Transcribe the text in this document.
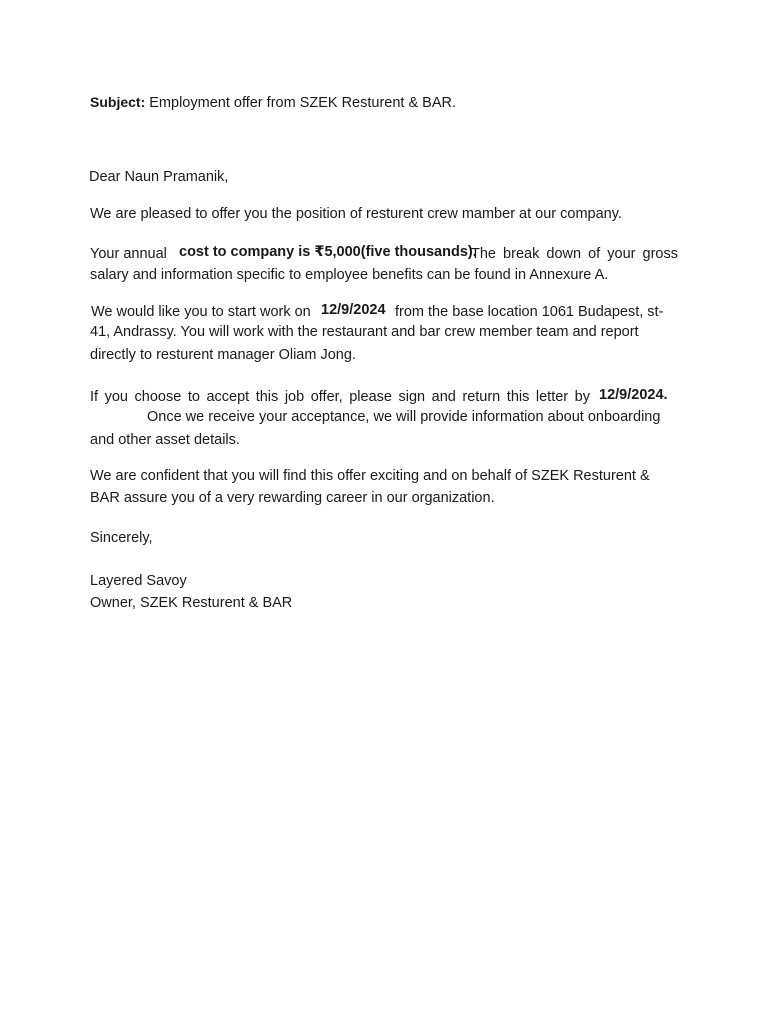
Subject: Employment offer from SZEK Resturent & BAR.

Dear Naun Pramanik,

We are pleased to offer you the position of resturent crew mamber at our company.

Your annual cost to company is ₹5,000(five thousands).
The break down of your gross
salary and information specific to employee benefits can be found in Annexure A.
We would like you to start work on 12/9/2024 from the base location 1061 Budapest, st-
41, Andrassy. You will work with the restaurant and bar crew member team and report
directly to resturent manager Oliam Jong.
If you choose to accept this job offer, please sign and return this letter by 12/9/2024.
Once we receive your acceptance, we will provide information about onboarding
and other asset details.
We are confident that you will find this offer exciting and on behalf of SZEK Resturent &
BAR assure you of a very rewarding career in our organization.

Sincerely,

Layered Savoy

Owner, SZEK Resturent & BAR
